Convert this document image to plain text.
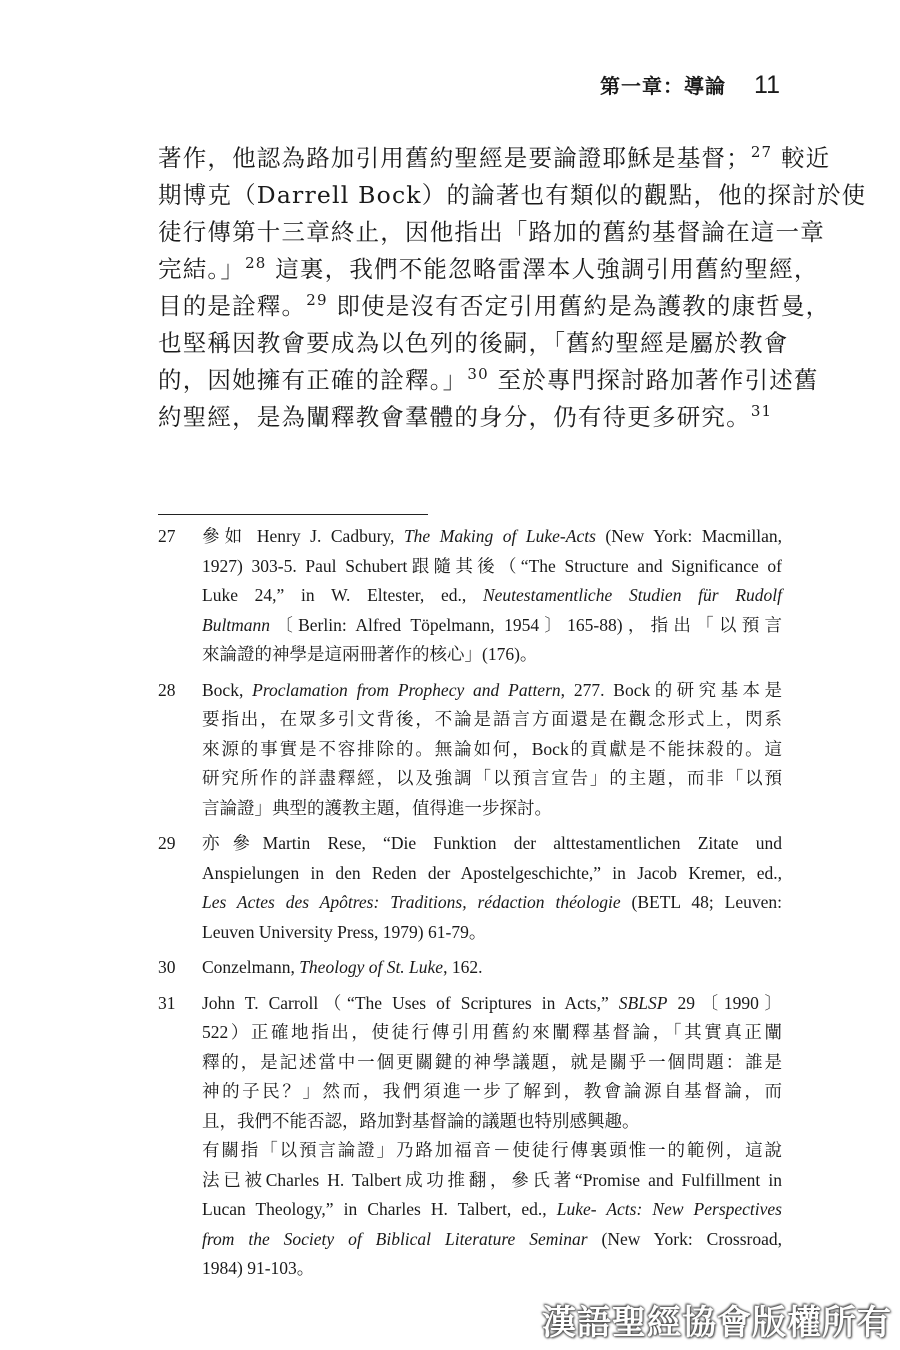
第一章：導論 11

著作，他認為路加引用舊約聖經是要論證耶穌是基督；$^{27}$ 較近

期博克（Darrell Bock）的論著也有類似的觀點，他的探討於使

徒行傳第十三章終止，因他指出「路加的舊約基督論在這一章

完結。」$^{28}$ 這裏，我們不能忽略雷澤本人強調引用舊約聖經，

目的是詮釋。$^{29}$ 即使是沒有否定引用舊約是為護教的康哲曼，

也堅稱因教會要成為以色列的後嗣，「舊約聖經是屬於教會

的，因她擁有正確的詮釋。」$^{30}$ 至於專門探討路加著作引述舊

約聖經，是為闡釋教會羣體的身分，仍有待更多研究。$^{31}$

27	參如 Henry J. Cadbury, The Making of Luke-Acts (New York: Macmillan,
1927) 303-5. Paul Schubert跟隨其後（“The Structure and Significance of
Luke 24,” in W. Eltester, ed., Neutestamentliche Studien für Rudolf
Bultmann〔Berlin: Alfred Töpelmann, 1954〕165-88)，指出「以預言
來論證的神學是這兩冊著作的核心」(176)。
28	Bock, Proclamation from Prophecy and Pattern, 277. Bock的研究基本是
要指出，在眾多引文背後，不論是語言方面還是在觀念形式上，閃系
來源的事實是不容排除的。無論如何，Bock的貢獻是不能抹殺的。這
研究所作的詳盡釋經，以及強調「以預言宣告」的主題，而非「以預
言論證」典型的護教主題，值得進一步探討。
29	亦參Martin Rese, “Die Funktion der alttestamentlichen Zitate und
Anspielungen in den Reden der Apostelgeschichte,” in Jacob Kremer, ed.,
Les Actes des Apôtres: Traditions, rédaction théologie (BETL 48; Leuven:
Leuven University Press, 1979) 61-79。
30	Conzelmann, Theology of St. Luke, 162.
31	John T. Carroll（“The Uses of Scriptures in Acts,” SBLSP 29〔1990〕
522）正確地指出，使徒行傳引用舊約來闡釋基督論，「其實真正闡
釋的，是記述當中一個更關鍵的神學議題，就是關乎一個問題：誰是
神的子民？」然而，我們須進一步了解到，教會論源自基督論，而
且，我們不能否認，路加對基督論的議題也特別感興趣。
有關指「以預言論證」乃路加福音－使徒行傳裏頭惟一的範例，這說
法已被Charles H. Talbert成功推翻，參氏著“Promise and Fulfillment in
Lucan Theology,” in Charles H. Talbert, ed., Luke- Acts: New Perspectives
from the Society of Biblical Literature Seminar (New York: Crossroad,
1984) 91-103。
漢語聖經協會版權所有
